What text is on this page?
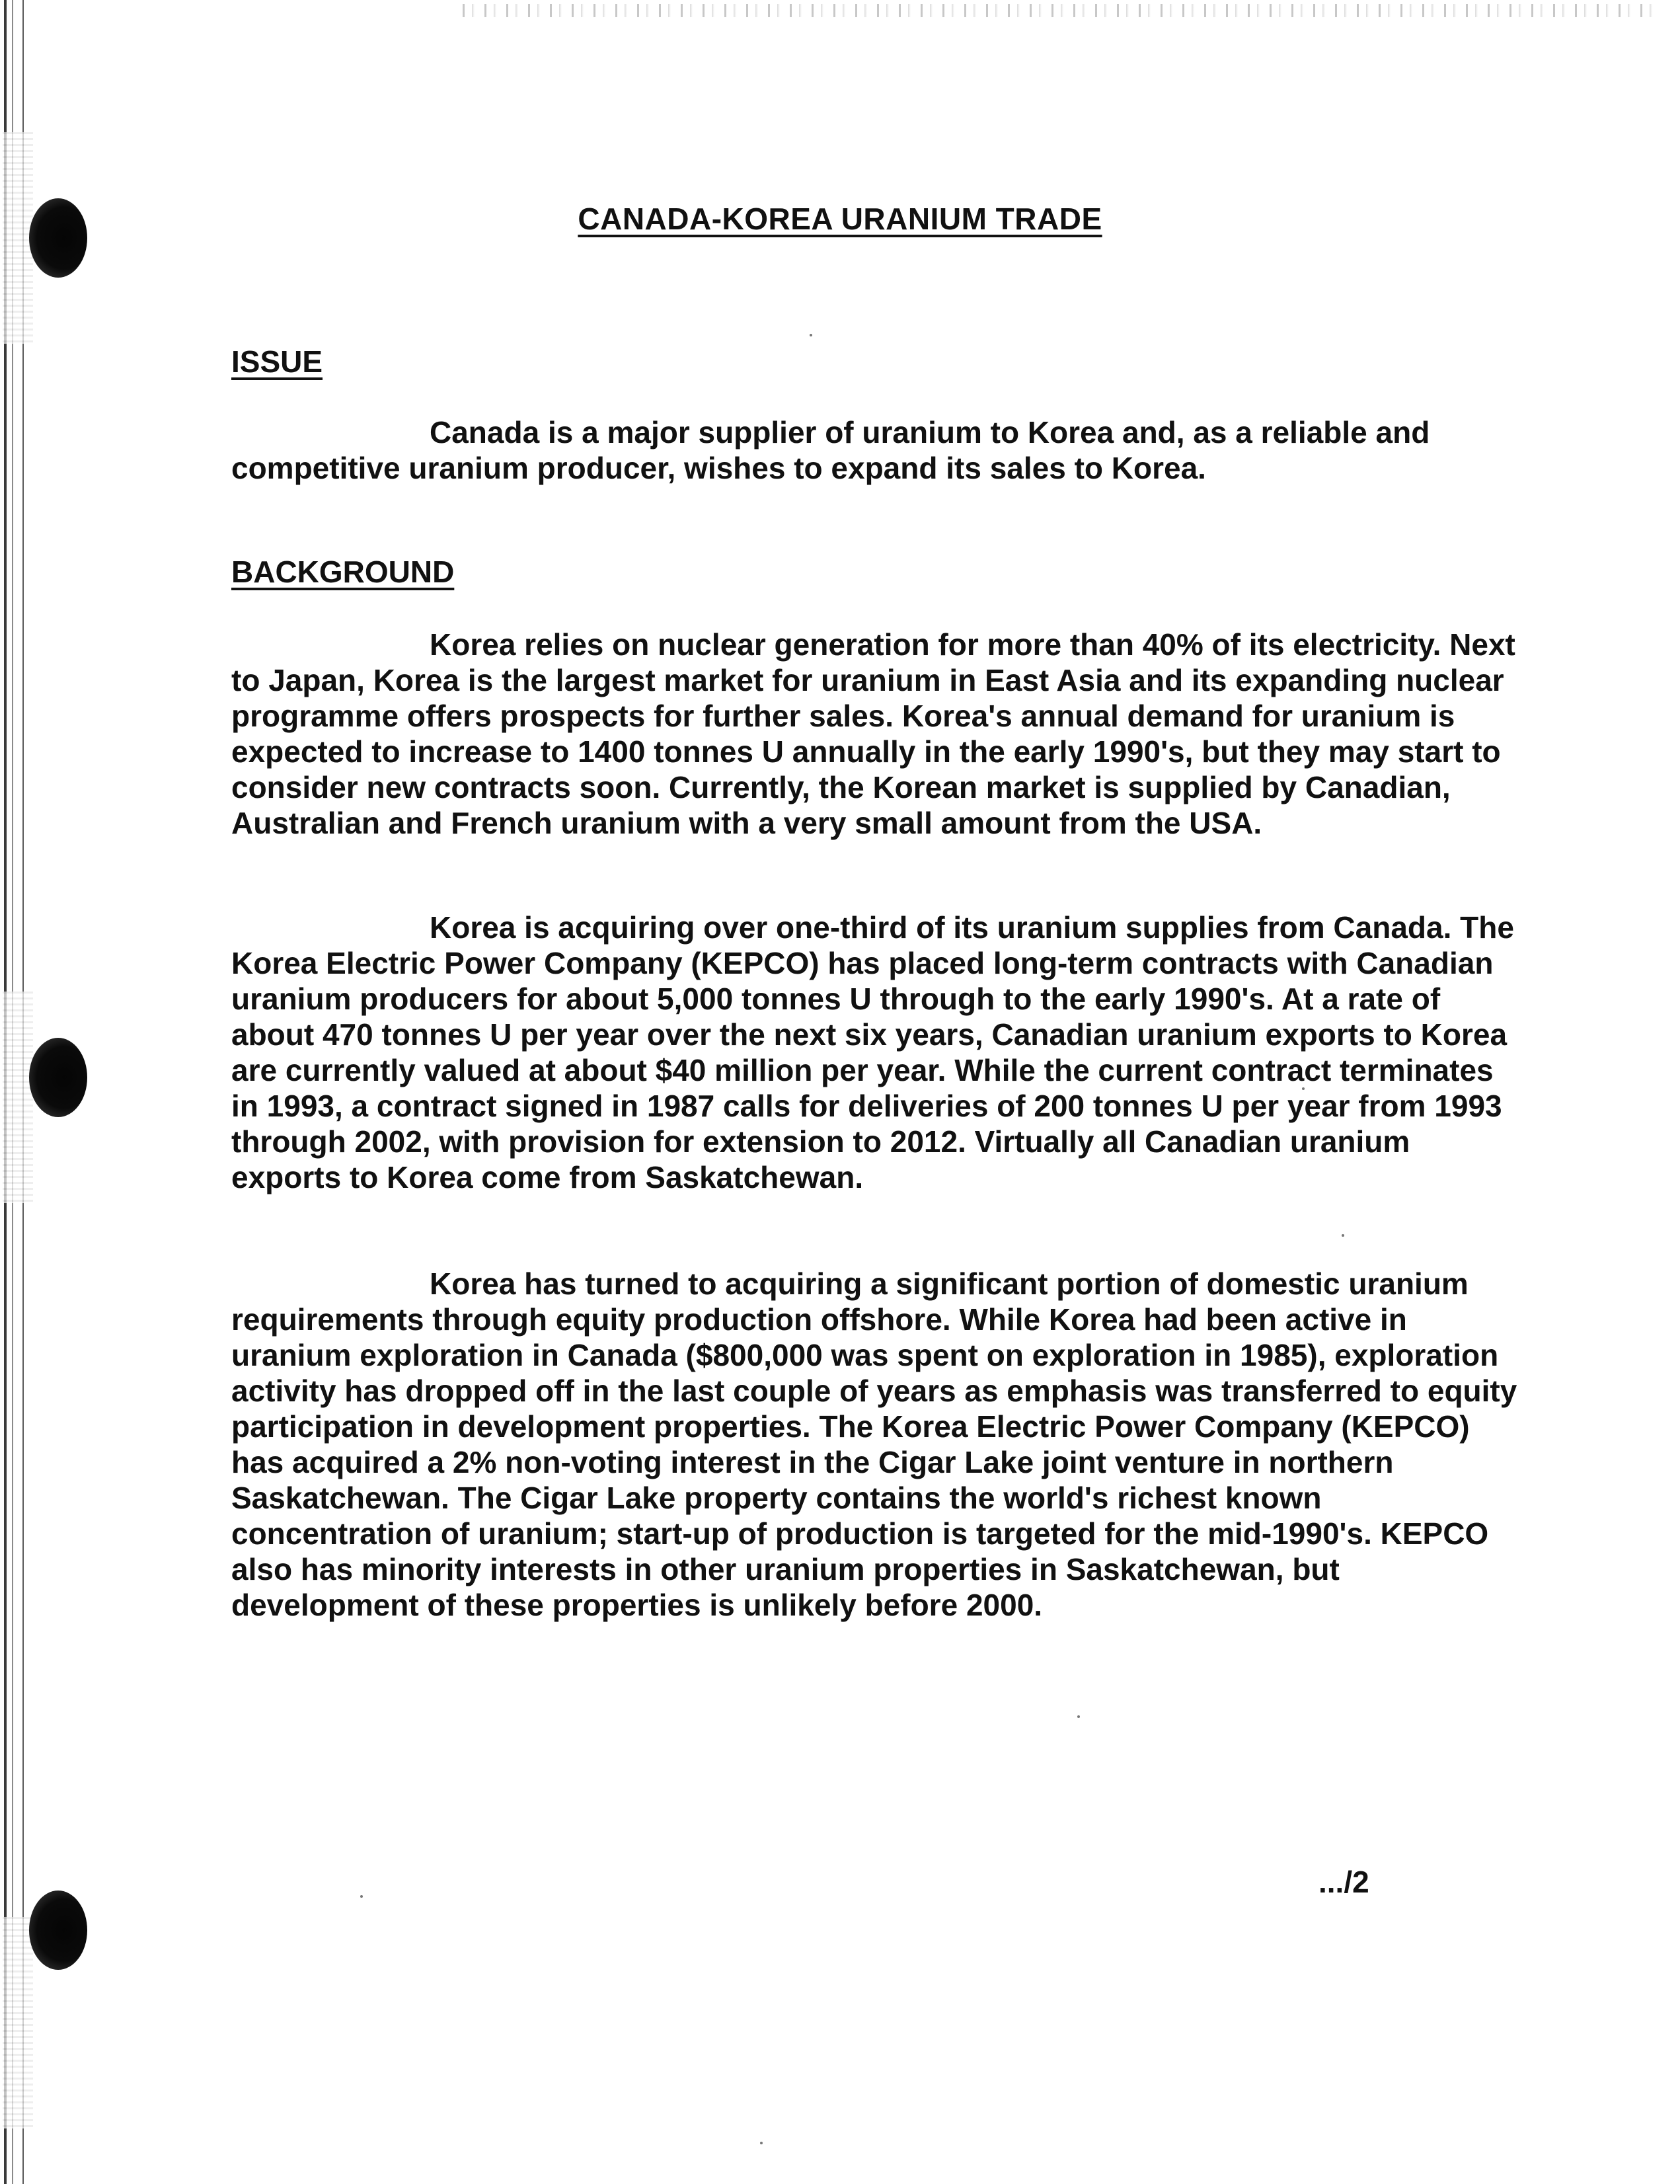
CANADA-KOREA URANIUM TRADE
ISSUE

Canada is a major supplier of uranium to Korea and, as a reliable and competitive uranium producer, wishes to expand its sales to Korea.

BACKGROUND

Korea relies on nuclear generation for more than 40% of its electricity. Next to Japan, Korea is the largest market for uranium in East Asia and its expanding nuclear programme offers prospects for further sales. Korea's annual demand for uranium is expected to increase to 1400 tonnes U annually in the early 1990's, but they may start to consider new contracts soon. Currently, the Korean market is supplied by Canadian, Australian and French uranium with a very small amount from the USA.

Korea is acquiring over one-third of its uranium supplies from Canada. The Korea Electric Power Company (KEPCO) has placed long-term contracts with Canadian uranium producers for about 5,000 tonnes U through to the early 1990's. At a rate of about 470 tonnes U per year over the next six years, Canadian uranium exports to Korea are currently valued at about $40 million per year. While the current contract terminates in 1993, a contract signed in 1987 calls for deliveries of 200 tonnes U per year from 1993 through 2002, with provision for extension to 2012. Virtually all Canadian uranium exports to Korea come from Saskatchewan.

Korea has turned to acquiring a significant portion of domestic uranium requirements through equity production offshore. While Korea had been active in uranium exploration in Canada ($800,000 was spent on exploration in 1985), exploration activity has dropped off in the last couple of years as emphasis was transferred to equity participation in development properties. The Korea Electric Power Company (KEPCO) has acquired a 2% non-voting interest in the Cigar Lake joint venture in northern Saskatchewan. The Cigar Lake property contains the world's richest known concentration of uranium; start-up of production is targeted for the mid-1990's. KEPCO also has minority interests in other uranium properties in Saskatchewan, but development of these properties is unlikely before 2000.

.../2
